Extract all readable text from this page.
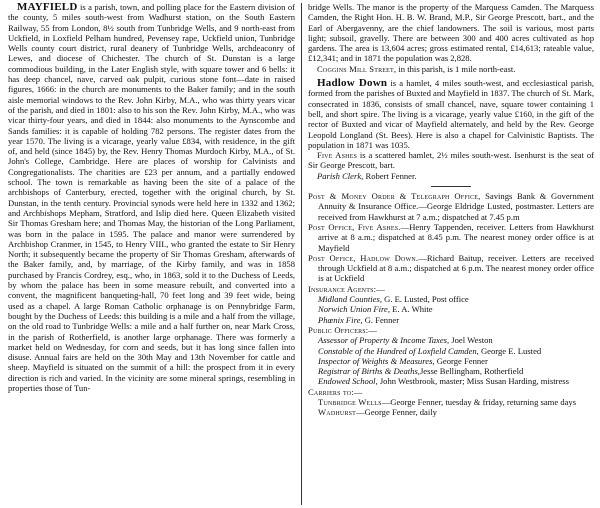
MAYFIELD is a parish, town, and polling place for the Eastern division of the county, 5 miles south-west from Wadhurst station, on the South Eastern Railway, 55 from London, 8½ south from Tunbridge Wells, and 9 north-east from Uckfield, in Loxfield Pelham hundred, Pevensey rape, Uckfield union, Tunbridge Wells county court district, rural deanery of Tunbridge Wells, archdeaconry of Lewes, and diocese of Chichester. The church of St. Dunstan is a large commodious building, in the Later English style, with square tower and 6 bells: it has deep chancel, nave, carved oak pulpit, curious stone font—date in raised figures, 1666: in the church are monuments to the Baker family; and in the south aisle memorial windows to the Rev. John Kirby, M.A., who was thirty years vicar of the parish, and died in 1801: also to his son the Rev. John Kirby, M.A., who was vicar thirty-four years, and died in 1844: also monuments to the Aynscombe and Sands families: it is capable of holding 782 persons. The register dates from the year 1570. The living is a vicarage, yearly value £834, with residence, in the gift of, and held (since 1845) by, the Rev. Henry Thomas Murdoch Kirby, M.A., of St. John's College, Cambridge. Here are places of worship for Calvinists and Congregationalists. The charities are £23 per annum, and a partially endowed school. The town is remarkable as having been the site of a palace of the archbishops of Canterbury, erected, together with the original church, by St. Dunstan, in the tenth century. Provincial synods were held here in 1332 and 1362; and Archbishops Mepham, Stratford, and Islip died here. Queen Elizabeth visited Sir Thomas Gresham here; and Thomas May, the historian of the Long Parliament, was born in the palace in 1595. The palace and manor were surrendered by Archbishop Cranmer, in 1545, to Henry VIII., who granted the estate to Sir Henry North; it subsequently became the property of Sir Thomas Gresham, afterwards of the Baker family, and, by marriage, of the Kirby family, and was in 1858 purchased by Francis Cordrey, esq., who, in 1863, sold it to the Duchess of Leeds, by whom the palace has been in some measure rebuilt, and converted into a convent, the magnificent banqueting-hall, 70 feet long and 39 feet wide, being used as a chapel. A large Roman Catholic orphanage is on Pennybridge Farm, bought by the Duchess of Leeds: this building is a mile and a half from the village, on the old road to Tunbridge Wells: a mile and a half further on, near Mark Cross, in the parish of Rotherfield, is another large orphanage. There was formerly a market held on Wednesday, for corn and seeds, but it has long since fallen into disuse. Annual fairs are held on the 30th May and 13th November for cattle and sheep. Mayfield is situated on the summit of a hill: the prospect from it in every direction is rich and varied. In the vicinity are some mineral springs, resembling in properties those of Tun-

bridge Wells. The manor is the property of the Marquess Camden. The Marquess Camden, the Right Hon. H. B. W. Brand, M.P., Sir George Prescott, bart., and the Earl of Abergavenny, are the chief landowners. The soil is various, most parts light; subsoil, gravelly. There are between 300 and 400 acres cultivated as hop gardens. The area is 13,604 acres; gross estimated rental, £14,613; rateable value, £12,341; and in 1871 the population was 2,828.

Coggins Mill Street, in this parish, is 1 mile north-east.

Hadlow Down is a hamlet, 4 miles south-west, and ecclesiastical parish, formed from the parishes of Buxted and Mayfield in 1837. The church of St. Mark, consecrated in 1836, consists of small chancel, nave, square tower containing 1 bell, and short spire. The living is a vicarage, yearly value £160, in the gift of the rector of Buxted and vicar of Mayfield alternately, and held by the Rev. George Leopold Longland (St. Bees). Here is also a chapel for Calvinistic Baptists. The population in 1871 was 1035.

Five Ashes is a scattered hamlet, 2½ miles south-west. Isenhurst is the seat of Sir George Prescott, bart.

Parish Clerk, Robert Fenner.

Post & Money Order & Telegraph Office, Savings Bank & Government Annuity & Insurance Office.—George Eldridge Lusted, postmaster. Letters are received from Hawkhurst at 7 a.m.; dispatched at 7.45 p.m

Post Office, Five Ashes.—Henry Tappenden, receiver. Letters from Hawkhurst arrive at 8 a.m.; dispatched at 8.45 p.m. The nearest money order office is at Mayfield

Post Office, Hadlow Down.—Richard Baitup, receiver. Letters are received through Uckfield at 8 a.m.; dispatched at 6 p.m. The nearest money order office is at Uckfield

Insurance Agents:—

Midland Counties, G. E. Lusted, Post office

Norwich Union Fire, E. A. White

Phœnix Fire, G. Fenner

Public Officers:—

Assessor of Property & Income Taxes, Joel Weston

Constable of the Hundred of Loxfield Camden, George E. Lusted

Inspector of Weights & Measures, George Fenner

Registrar of Births & Deaths,Jesse Bellingham, Rotherfield

Endowed School, John Westbrook, master; Miss Susan Harding, mistress

Carriers to:—

Tunbridge Wells—George Fenner, tuesday & friday, returning same days

Wadhurst—George Fenner, daily
